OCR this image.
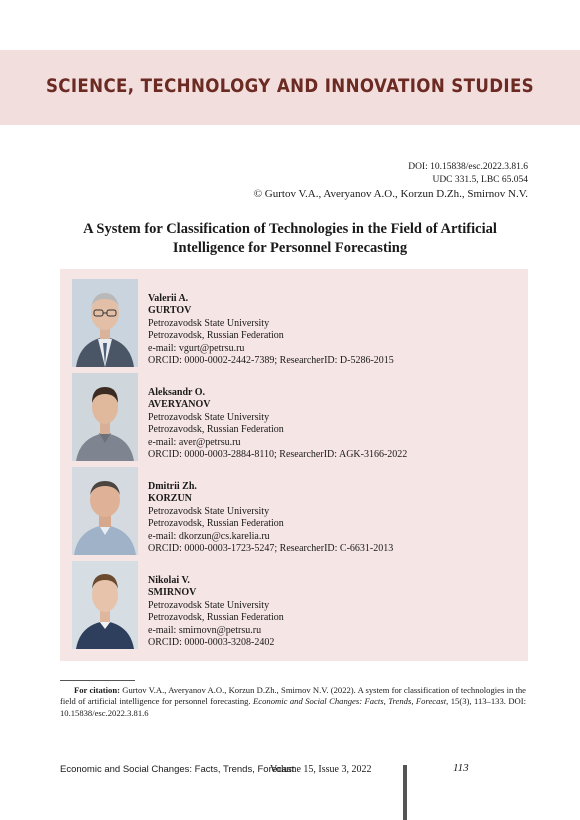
SCIENCE, TECHNOLOGY AND INNOVATION STUDIES
DOI: 10.15838/esc.2022.3.81.6
UDC 331.5, LBC 65.054
© Gurtov V.A., Averyanov A.O., Korzun D.Zh., Smirnov N.V.
A System for Classification of Technologies in the Field of Artificial Intelligence for Personnel Forecasting
Valerii A.
GURTOV
Petrozavodsk State University
Petrozavodsk, Russian Federation
e-mail: vgurt@petrsu.ru
ORCID: 0000-0002-2442-7389; ResearcherID: D-5286-2015
Aleksandr O.
AVERYANOV
Petrozavodsk State University
Petrozavodsk, Russian Federation
e-mail: aver@petrsu.ru
ORCID: 0000-0003-2884-8110; ResearcherID: AGK-3166-2022
Dmitrii Zh.
KORZUN
Petrozavodsk State University
Petrozavodsk, Russian Federation
e-mail: dkorzun@cs.karelia.ru
ORCID: 0000-0003-1723-5247; ResearcherID: C-6631-2013
Nikolai V.
SMIRNOV
Petrozavodsk State University
Petrozavodsk, Russian Federation
e-mail: smirnovn@petrsu.ru
ORCID: 0000-0003-3208-2402
For citation: Gurtov V.A., Averyanov A.O., Korzun D.Zh., Smirnov N.V. (2022). A system for classification of technologies in the field of artificial intelligence for personnel forecasting. Economic and Social Changes: Facts, Trends, Forecast, 15(3), 113–133. DOI: 10.15838/esc.2022.3.81.6
Economic and Social Changes: Facts, Trends, Forecast
Volume 15, Issue 3, 2022	113
